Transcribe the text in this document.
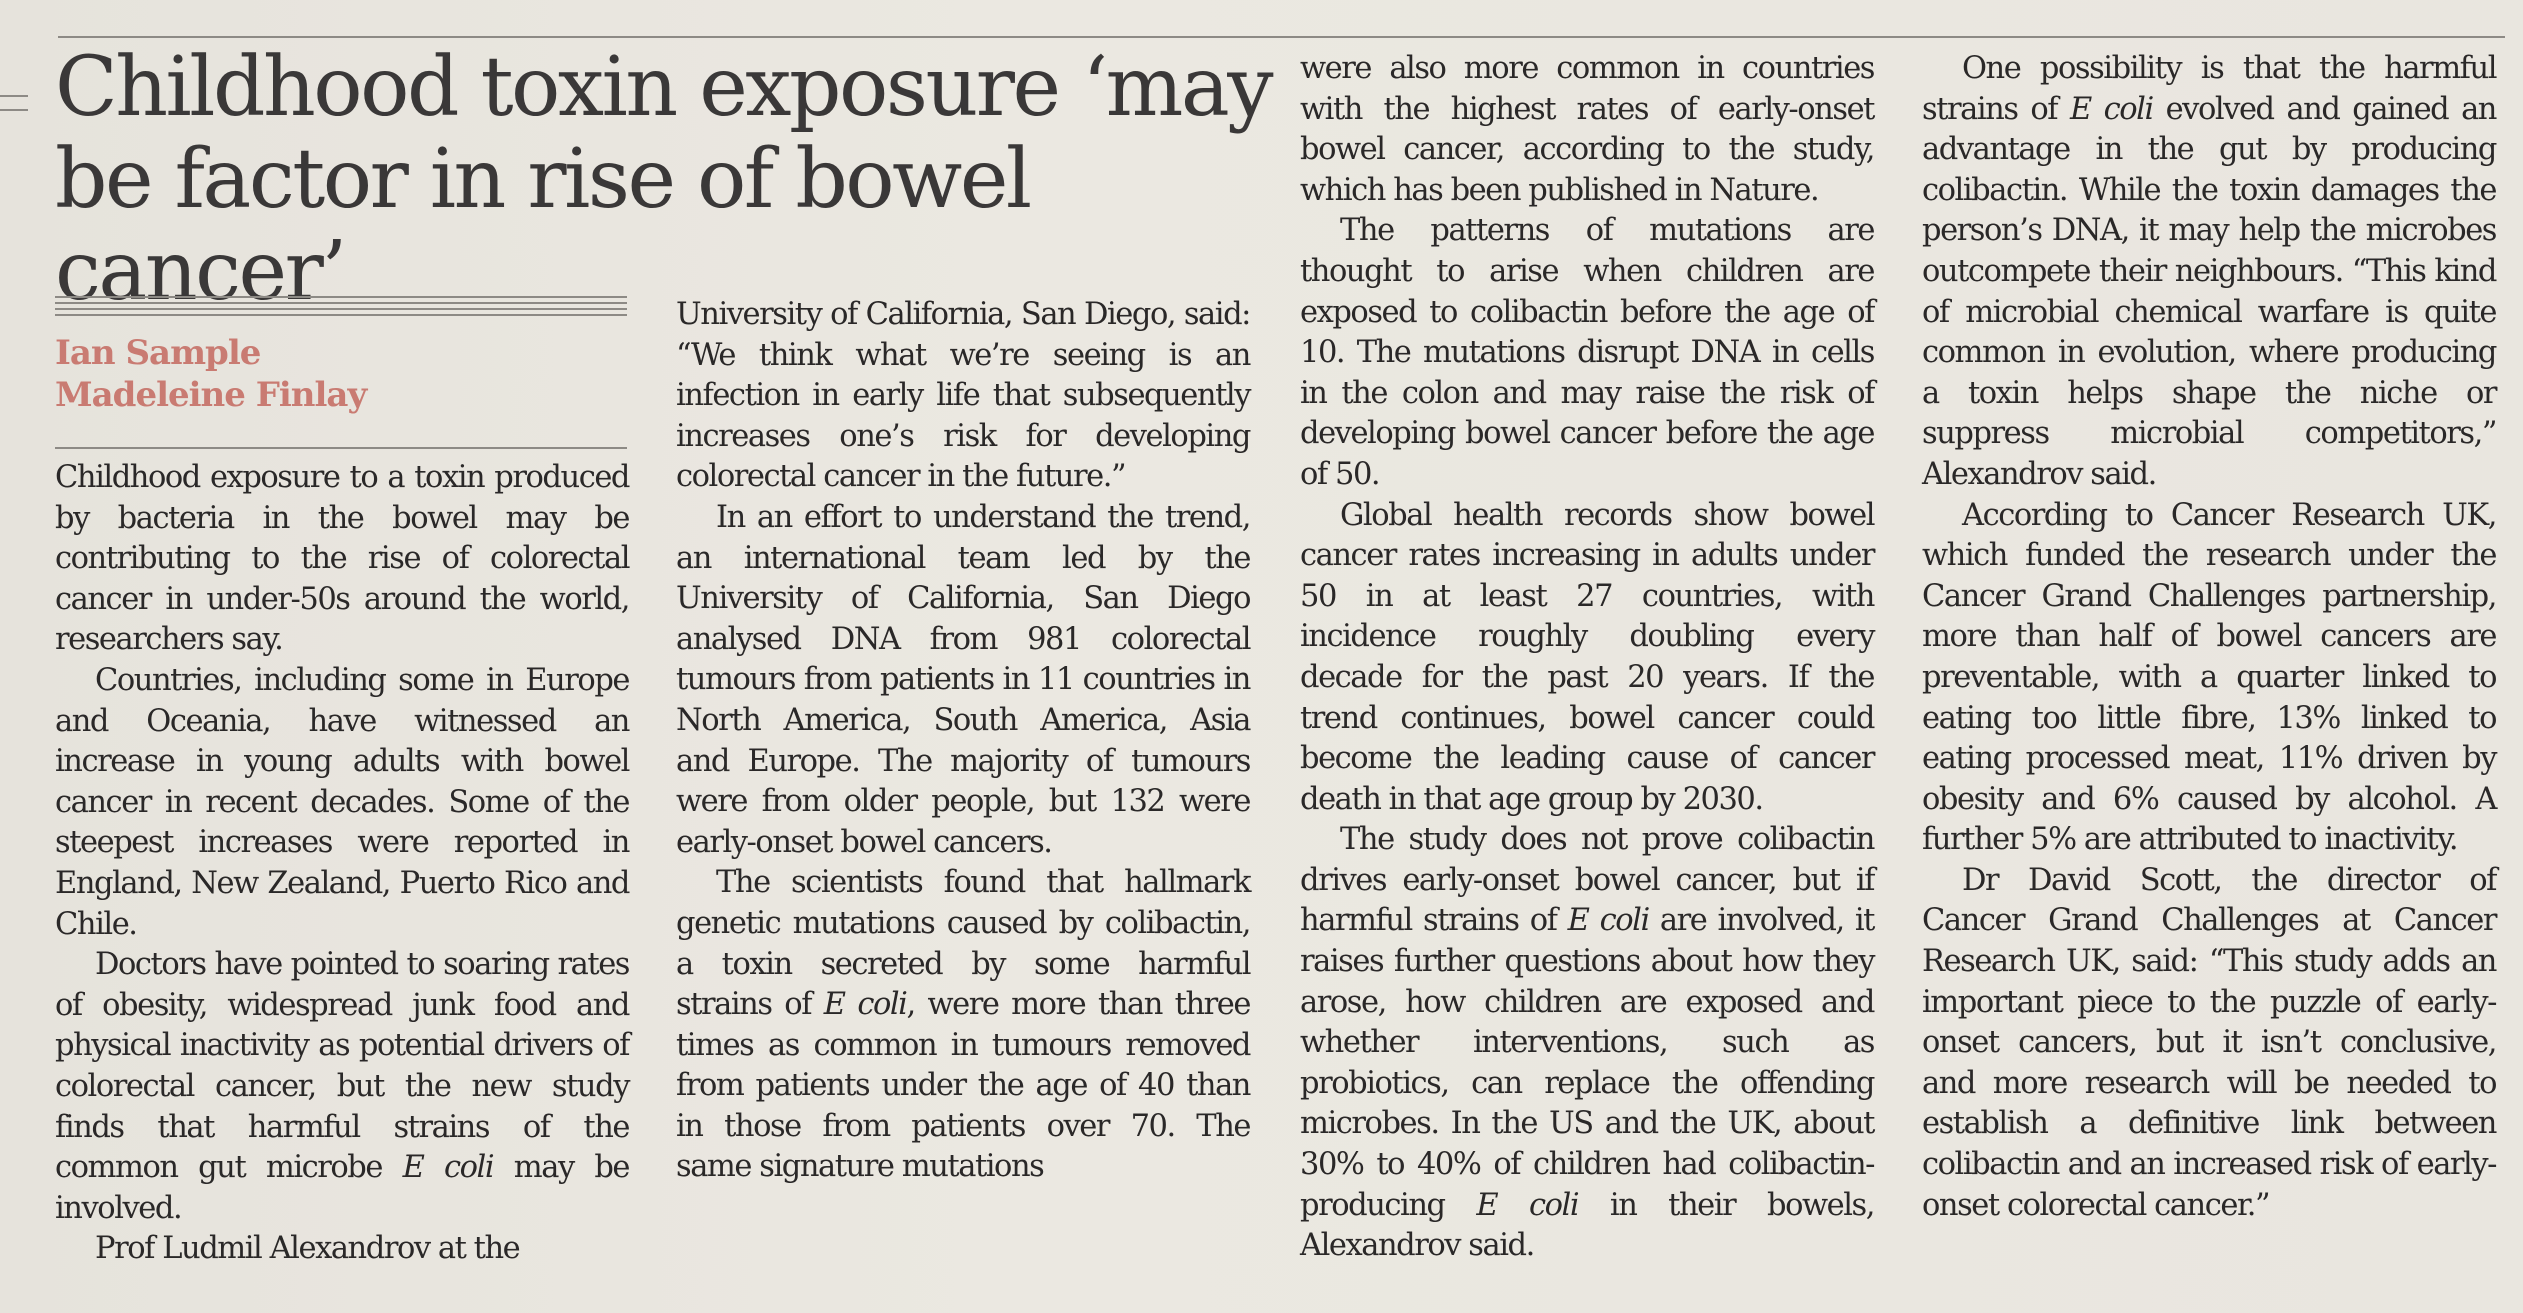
Childhood toxin exposure ‘may be factor in rise of bowel cancer’
Ian Sample
Madeleine Finlay

Childhood exposure to a toxin produced by bacteria in the bowel may be contributing to the rise of colorectal cancer in under-50s around the world, researchers say.

Countries, including some in Europe and Oceania, have witnessed an increase in young adults with bowel cancer in recent decades. Some of the steepest increases were reported in England, New Zealand, Puerto Rico and Chile.

Doctors have pointed to soaring rates of obesity, widespread junk food and physical inactivity as potential drivers of colorectal cancer, but the new study finds that harmful strains of the common gut microbe E coli may be involved.

Prof Ludmil Alexandrov at the

University of California, San Diego, said: “We think what we’re seeing is an infection in early life that subsequently increases one’s risk for developing colorectal cancer in the future.”

In an effort to understand the trend, an international team led by the University of California, San Diego analysed DNA from 981 colorectal tumours from patients in 11 countries in North America, South America, Asia and Europe. The majority of tumours were from older people, but 132 were early-onset bowel cancers.

The scientists found that hallmark genetic mutations caused by colibactin, a toxin secreted by some harmful strains of E coli, were more than three times as common in tumours removed from patients under the age of 40 than in those from patients over 70. The same signature mutations

were also more common in countries with the highest rates of early-onset bowel cancer, according to the study, which has been published in Nature.

The patterns of mutations are thought to arise when children are exposed to colibactin before the age of 10. The mutations disrupt DNA in cells in the colon and may raise the risk of developing bowel cancer before the age of 50.

Global health records show bowel cancer rates increasing in adults under 50 in at least 27 countries, with incidence roughly doubling every decade for the past 20 years. If the trend continues, bowel cancer could become the leading cause of cancer death in that age group by 2030.

The study does not prove colibactin drives early-onset bowel cancer, but if harmful strains of E coli are involved, it raises further questions about how they arose, how children are exposed and whether interventions, such as probiotics, can replace the offending microbes. In the US and the UK, about 30% to 40% of children had colibactin-producing E coli in their bowels, Alexandrov said.

One possibility is that the harmful strains of E coli evolved and gained an advantage in the gut by producing colibactin. While the toxin damages the person’s DNA, it may help the microbes outcompete their neighbours. “This kind of microbial chemical warfare is quite common in evolution, where producing a toxin helps shape the niche or suppress microbial competitors,” Alexandrov said.

According to Cancer Research UK, which funded the research under the Cancer Grand Challenges partnership, more than half of bowel cancers are preventable, with a quarter linked to eating too little fibre, 13% linked to eating processed meat, 11% driven by obesity and 6% caused by alcohol. A further 5% are attributed to inactivity.

Dr David Scott, the director of Cancer Grand Challenges at Cancer Research UK, said: “This study adds an important piece to the puzzle of early-onset cancers, but it isn’t conclusive, and more research will be needed to establish a definitive link between colibactin and an increased risk of early-onset colorectal cancer.”
